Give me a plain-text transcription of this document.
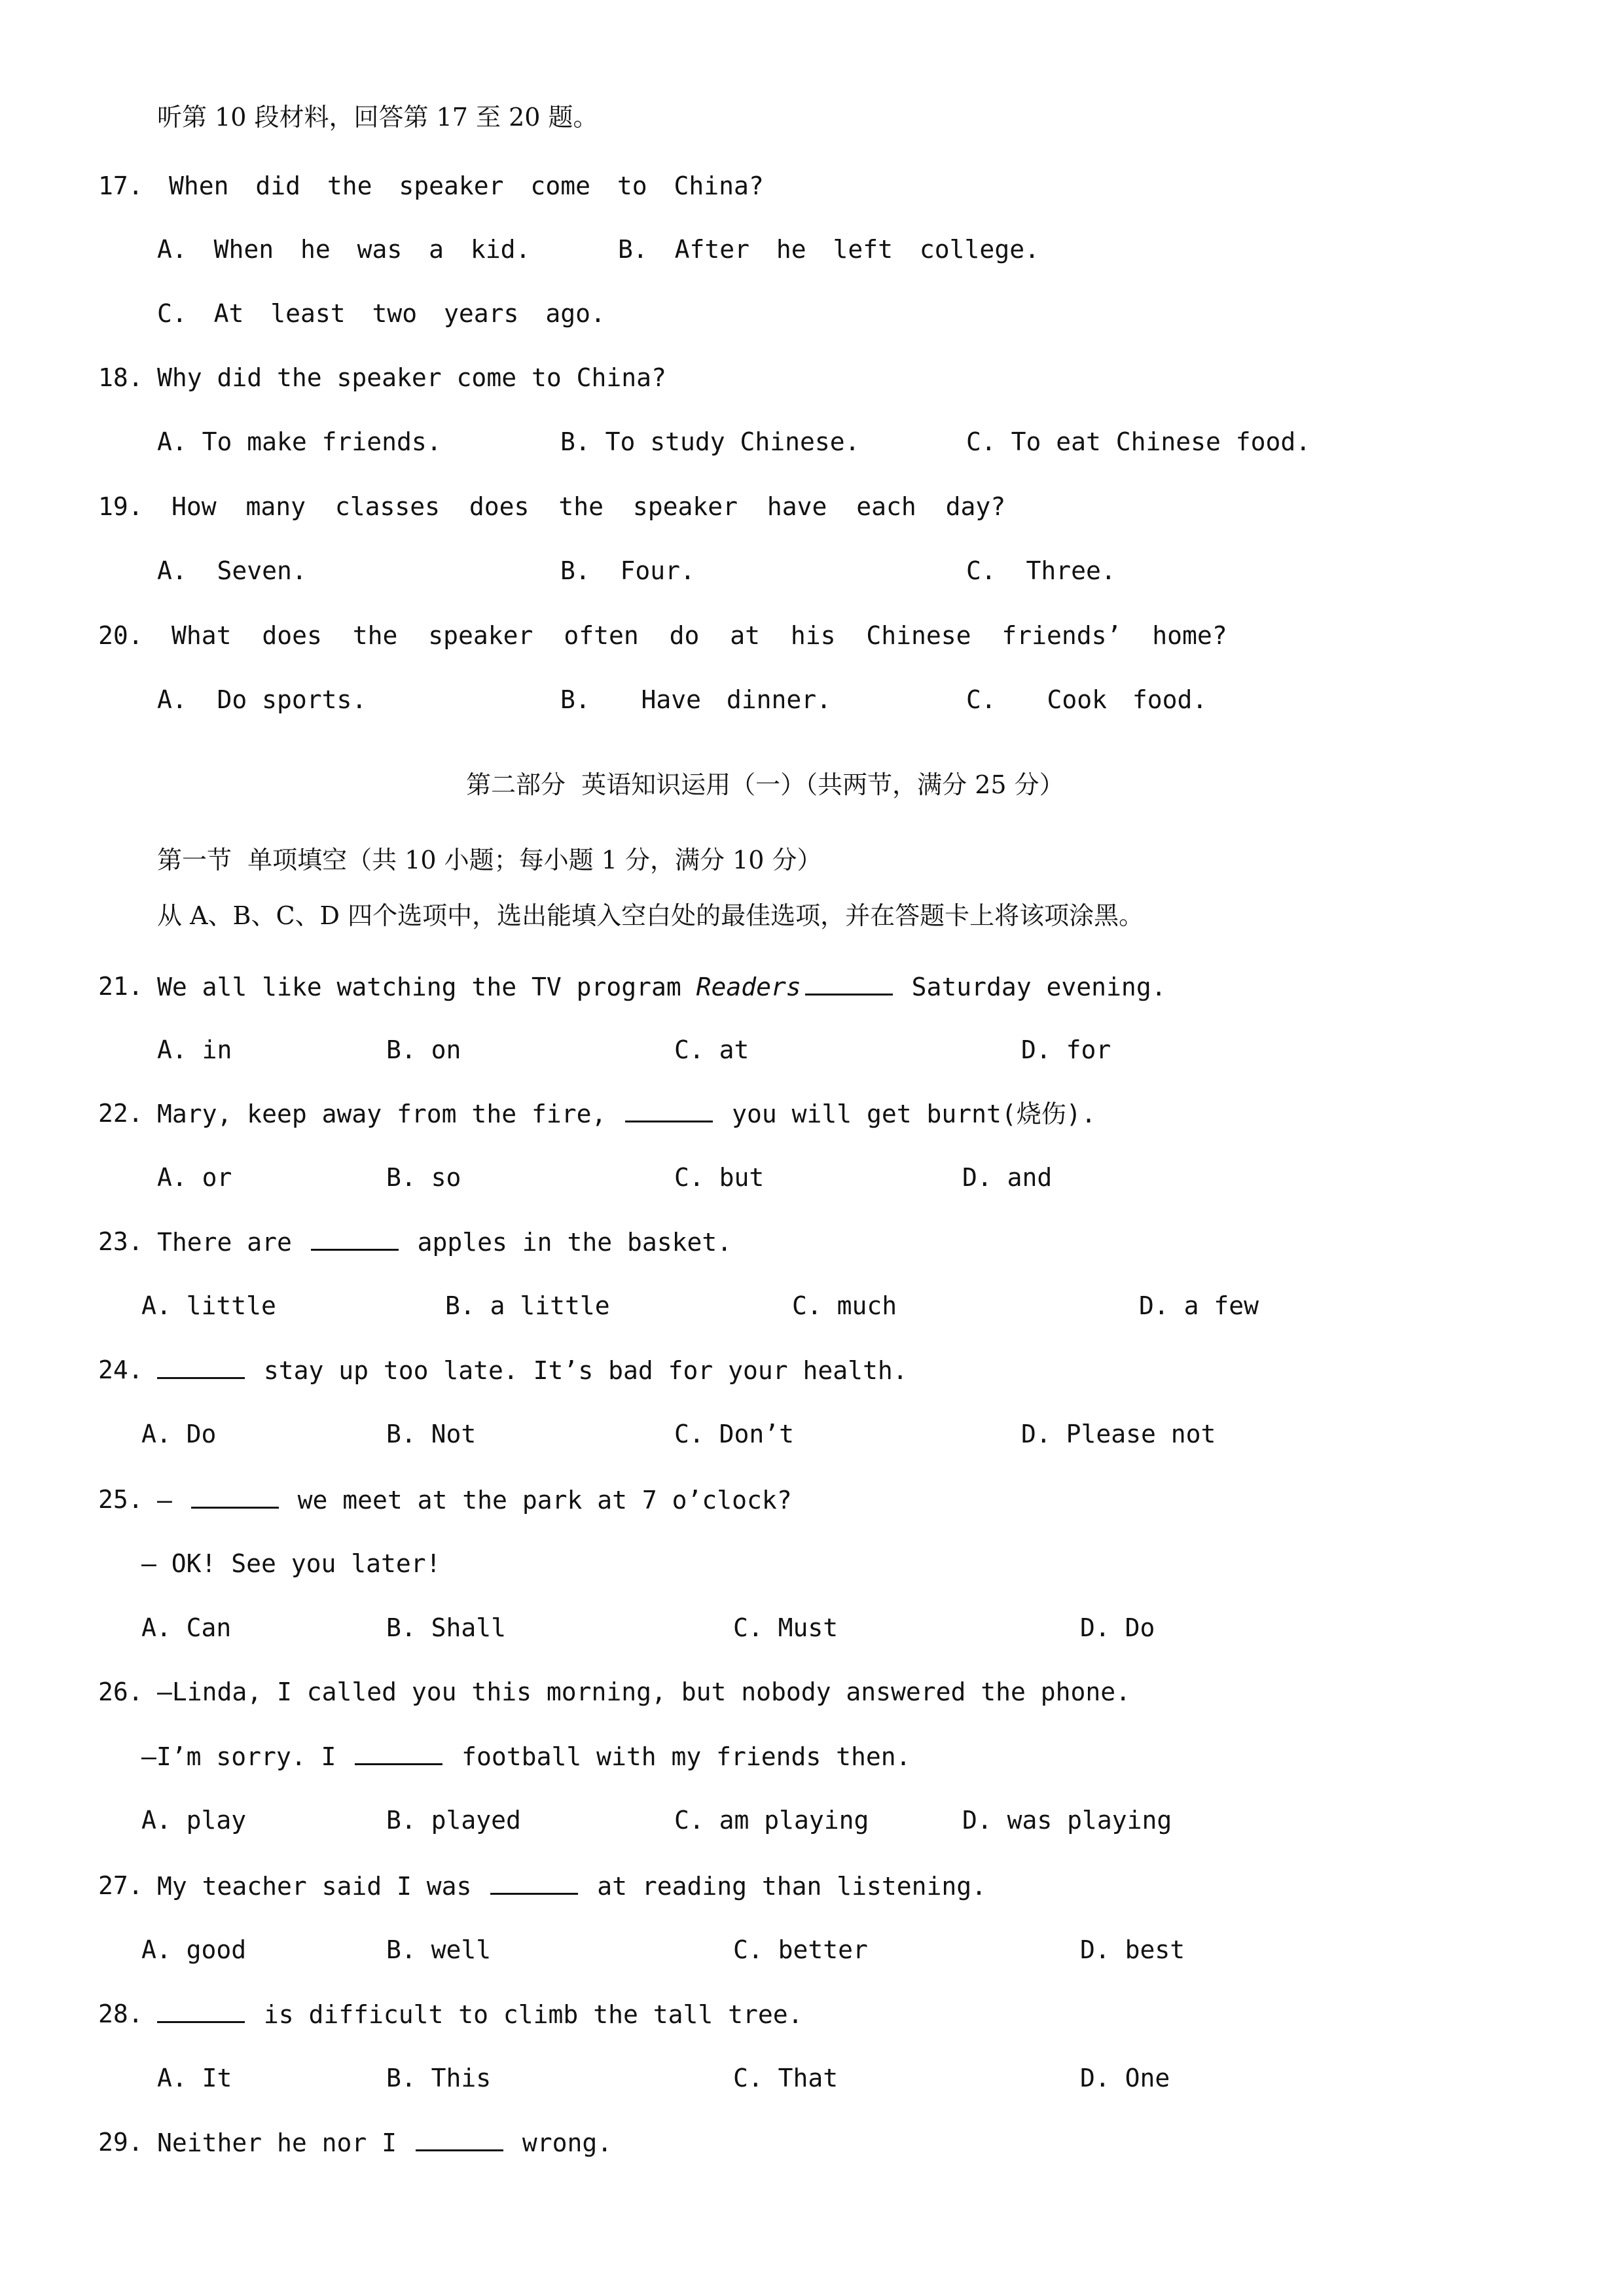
听第 10 段材料，回答第 17 至 20 题。
17. When did the speaker come to China?
A. When he was a kid.	B. After he left college.
C. At least two years ago.
18. Why did the speaker come to China?
A. To make friends.	B. To study Chinese.	C. To eat Chinese food.
19. How many classes does the speaker have each day?
A.  Seven.	B.  Four.	C.  Three.
20. What does the speaker often do at his Chinese friends’ home?
A.  Do sports.	B.  Have dinner.	C.  Cook food.
第二部分  英语知识运用（一）（共两节，满分 25 分）
第一节  单项填空（共 10 小题；每小题 1 分，满分 10 分）
从 A、B、C、D 四个选项中，选出能填入空白处的最佳选项，并在答题卡上将该项涂黑。
21. We all like watching the TV program Readers	Saturday evening.
A. in	B. on	C. at	D. for
22. Mary, keep away from the fire,	you will get burnt(烧伤).
A. or	B. so	C. but	D. and
23. There are	apples in the basket.
A. little	B. a little	C. much	D. a few
24.	stay up too late. It’s bad for your health.
A. Do	B. Not	C. Don’t	D. Please not
25. —	we meet at the park at 7 o’clock?
— OK! See you later!
A. Can	B. Shall	C. Must	D. Do
26. —Linda, I called you this morning, but nobody answered the phone.
—I’m sorry. I	football with my friends then.
A. play	B. played	C. am playing	D. was playing
27. My teacher said I was	at reading than listening.
A. good	B. well	C. better	D. best
28.	is difficult to climb the tall tree.
A. It	B. This	C. That	D. One
29. Neither he nor I	wrong.
